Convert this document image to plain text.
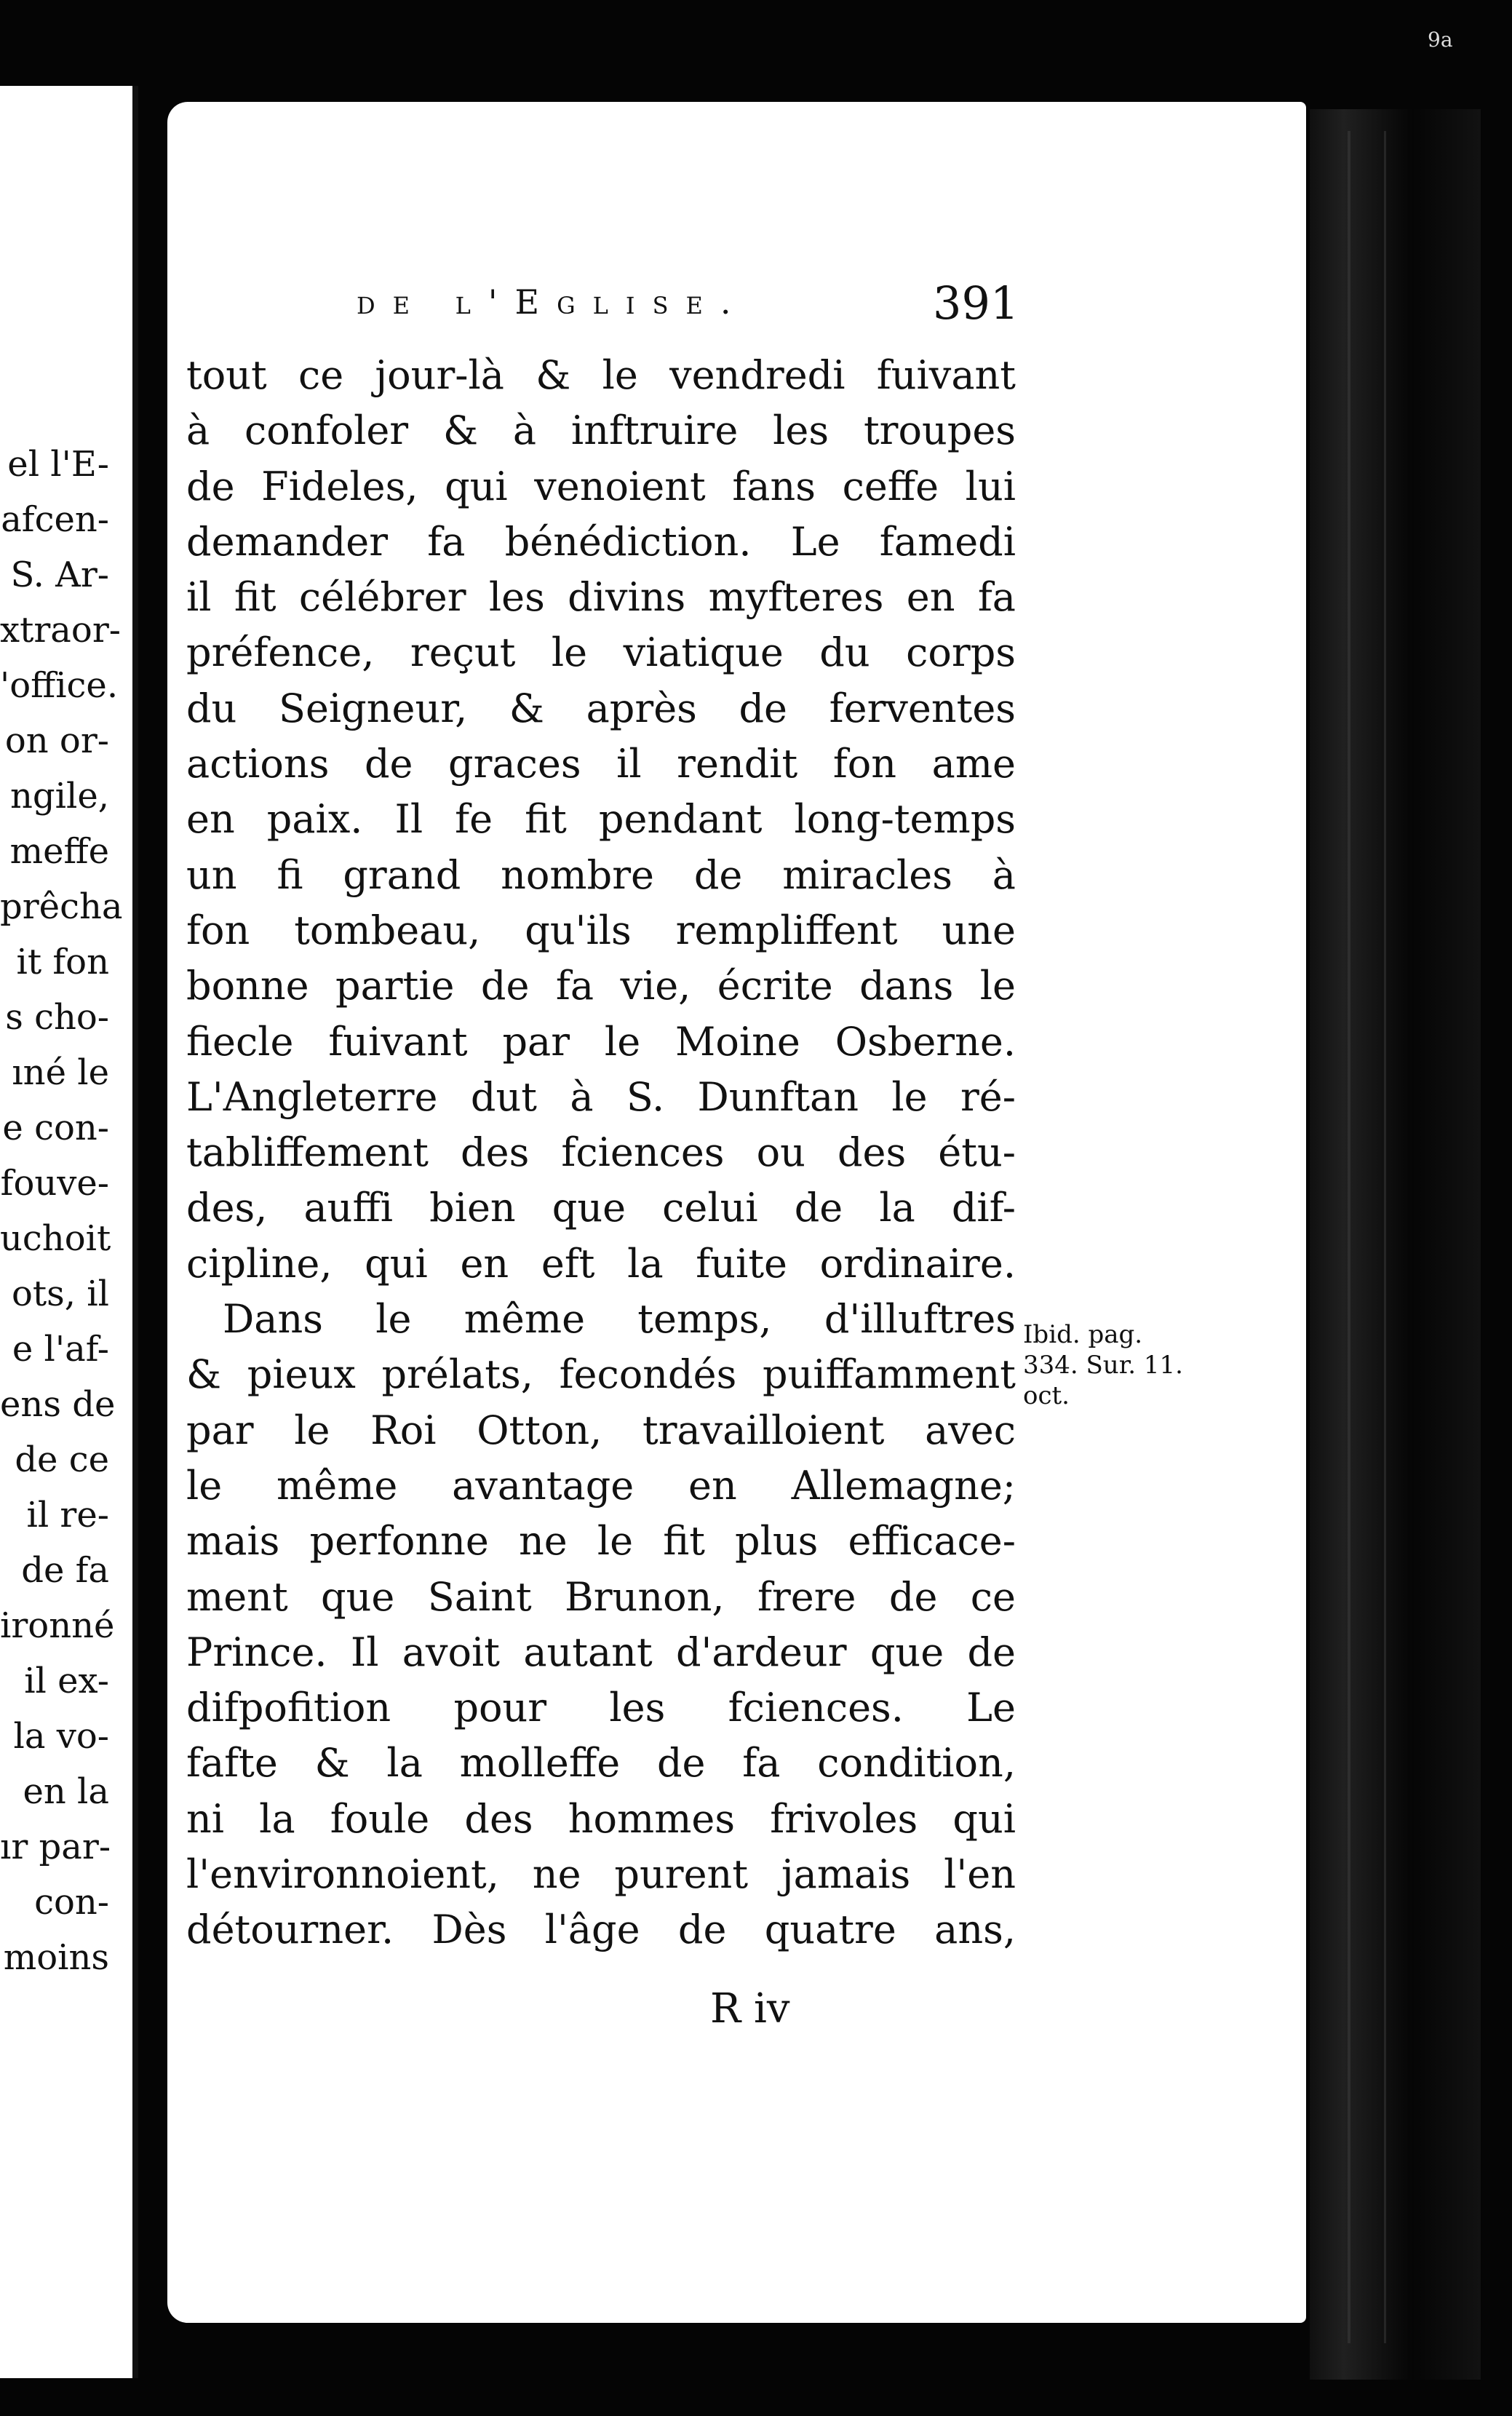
el l'E-
afcen-
S. Ar-
xtraor-
'office.
on or-
ngile,
meffe
prêcha
it fon
s cho-
ıné le
e con-
fouve-
uchoit
ots, il
e l'af-
ens de
de ce
il re-
de fa
ironné
il ex-
la vo-
en la
ır par-
con-
moins
9a
de l'Eglise.	391
tout ce jour-là & le vendredi fuivant
à confoler & à inftruire les troupes
de Fideles, qui venoient fans ceffe lui
demander fa bénédiction. Le famedi
il fit célébrer les divins myfteres en fa
préfence, reçut le viatique du corps
du Seigneur, & après de ferventes
actions de graces il rendit fon ame
en paix. Il fe fit pendant long-temps
un fi grand nombre de miracles à
fon tombeau, qu'ils rempliffent une
bonne partie de fa vie, écrite dans le
fiecle fuivant par le Moine Osberne.
L'Angleterre dut à S. Dunftan le ré-
tabliffement des fciences ou des étu-
des, auffi bien que celui de la dif-
cipline, qui en eft la fuite ordinaire.
Dans le même temps, d'illuftres
& pieux prélats, fecondés puiffamment
par le Roi Otton, travailloient avec
le même avantage en Allemagne;
mais perfonne ne le fit plus efficace-
ment que Saint Brunon, frere de ce
Prince. Il avoit autant d'ardeur que de
difpofition pour les fciences. Le
fafte & la molleffe de fa condition,
ni la foule des hommes frivoles qui
l'environnoient, ne purent jamais l'en
détourner. Dès l'âge de quatre ans,
Ibid. pag.
334. Sur. 11.
oct.
R iv
